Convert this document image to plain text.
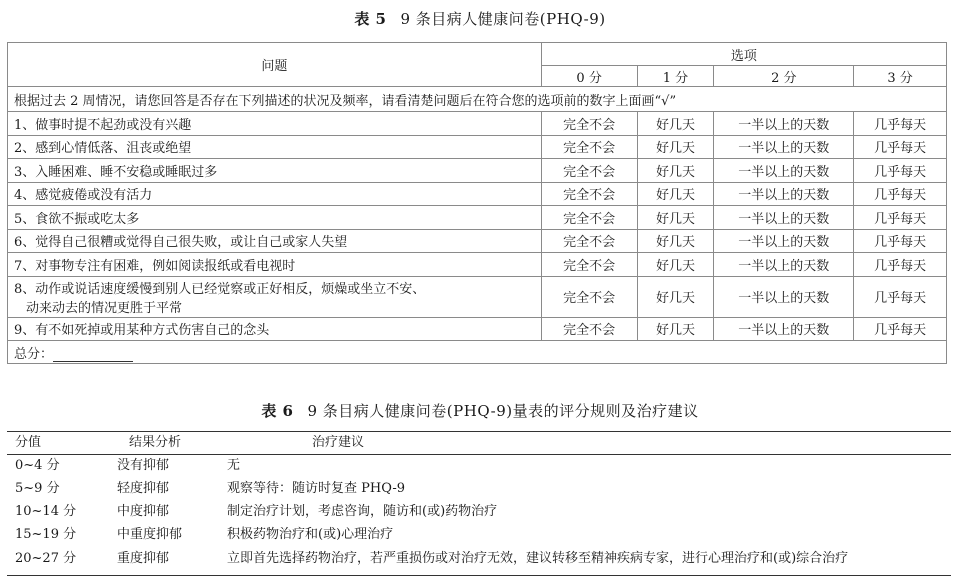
表 5 9 条目病人健康问卷(PHQ-9)
问题	选项			
	0 分	1 分	2 分	3 分
根据过去 2 周情况，请您回答是否存在下列描述的状况及频率，请看清楚问题后在符合您的选项前的数字上面画“√”				
1、做事时提不起劲或没有兴趣	完全不会	好几天	一半以上的天数	几乎每天
2、感到心情低落、沮丧或绝望	完全不会	好几天	一半以上的天数	几乎每天
3、入睡困难、睡不安稳或睡眠过多	完全不会	好几天	一半以上的天数	几乎每天
4、感觉疲倦或没有活力	完全不会	好几天	一半以上的天数	几乎每天
5、食欲不振或吃太多	完全不会	好几天	一半以上的天数	几乎每天
6、觉得自己很糟或觉得自己很失败，或让自己或家人失望	完全不会	好几天	一半以上的天数	几乎每天
7、对事物专注有困难，例如阅读报纸或看电视时	完全不会	好几天	一半以上的天数	几乎每天

8、动作或说话速度缓慢到别人已经觉察或正好相反，烦燥或坐立不安、
动来动去的情况更胜于平常	完全不会	好几天	一半以上的天数	几乎每天
9、有不如死掉或用某种方式伤害自己的念头	完全不会	好几天	一半以上的天数	几乎每天
总分：				
表 6 9 条目病人健康问卷(PHQ-9)量表的评分规则及治疗建议
分值	结果分析	治疗建议
0~4 分	没有抑郁	无
5~9 分	轻度抑郁	观察等待：随访时复查 PHQ-9
10~14 分	中度抑郁	制定治疗计划，考虑咨询，随访和(或)药物治疗
15~19 分	中重度抑郁	积极药物治疗和(或)心理治疗
20~27 分	重度抑郁	立即首先选择药物治疗，若严重损伤或对治疗无效，建议转移至精神疾病专家，进行心理治疗和(或)综合治疗
